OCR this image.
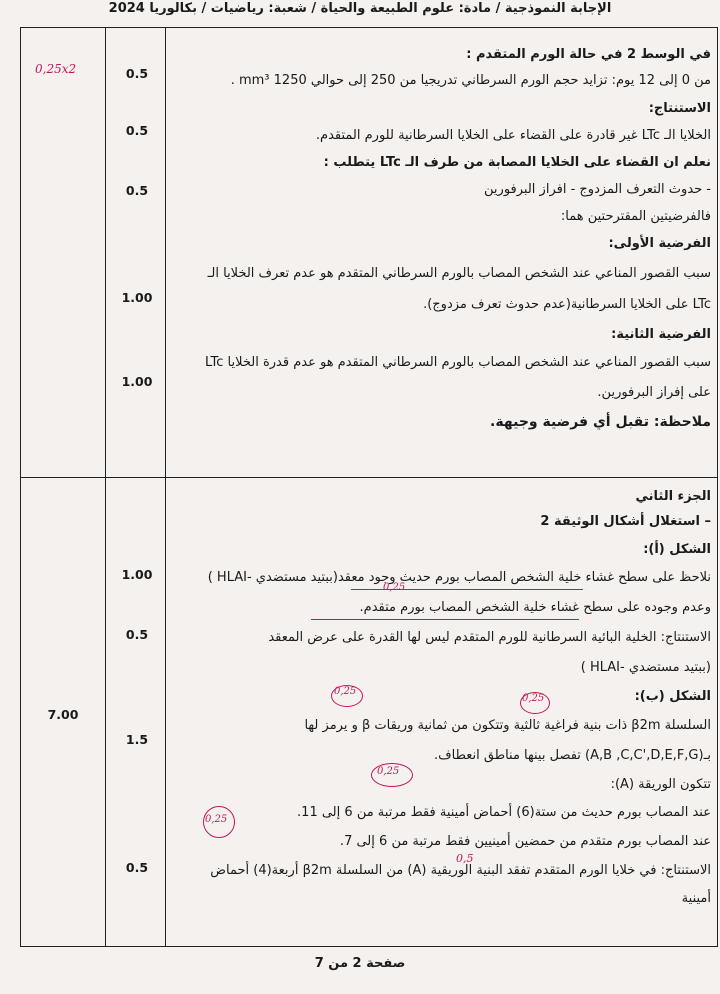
الإجابة النموذجية / مادة: علوم الطبيعة والحياة / شعبة: رياضيات / بكالوريا 2024
في الوسط 2 في حالة الورم المتقدم :
من 0 إلى 12 يوم: تزايد حجم الورم السرطاني تدريجيا من 250 إلى حوالي mm³ 1250 .
الاستنتاج:
الخلايا الـ LTc غير قادرة على القضاء على الخلايا السرطانية للورم المتقدم.
نعلم ان القضاء على الخلايا المصابة من طرف الـ LTc يتطلب :
- حدوث التعرف المزدوج - افراز البرفورين
فالفرضيتين المقترحتين هما:
الفرضية الأولى:
سبب القصور المناعي عند الشخص المصاب بالورم السرطاني المتقدم هو عدم تعرف الخلايا الـ
LTc على الخلايا السرطانية(عدم حدوث تعرف مزدوج).
الفرضية الثانية:
سبب القصور المناعي عند الشخص المصاب بالورم السرطاني المتقدم هو عدم قدرة الخلايا LTc
على إفراز البرفورين.
ملاحظة: تقبل أي فرضية وجيهة.
الجزء الثاني
– استغلال أشكال الوثيقة 2
الشكل (أ):
نلاحظ على سطح غشاء خلية الشخص المصاب بورم حديث وجود معقد(ببتيد مستضدي -HLAI )
وعدم وجوده على سطح غشاء خلية الشخص المصاب بورم متقدم.
الاستنتاج: الخلية البائية السرطانية للورم المتقدم ليس لها القدرة على عرض المعقد
(ببتيد مستضدي -HLAI )
الشكل (ب):
السلسلة β2m ذات بنية فراغية ثالثية وتتكون من ثمانية وريقات β و يرمز لها
بـ(A,B ,C,C',D,E,F,G) تفصل بينها مناطق انعطاف.
تتكون الوريقة (A):
عند المصاب بورم حديث من ستة(6) أحماض أمينية فقط مرتبة من 6 إلى 11.
عند المصاب بورم متقدم من حمضين أمينيين فقط مرتبة من 6 إلى 7.
الاستنتاج: في خلايا الورم المتقدم تفقد البنية الوريقية (A) من السلسلة β2m أربعة(4) أحماض
أمينية
0.5
0.5
0.5
1.00
1.00
1.00
0.5
1.5
0.5
7.00
0,25x2
0,25
0,25
0,25
0,25
0,5
0,25
صفحة 2 من 7
